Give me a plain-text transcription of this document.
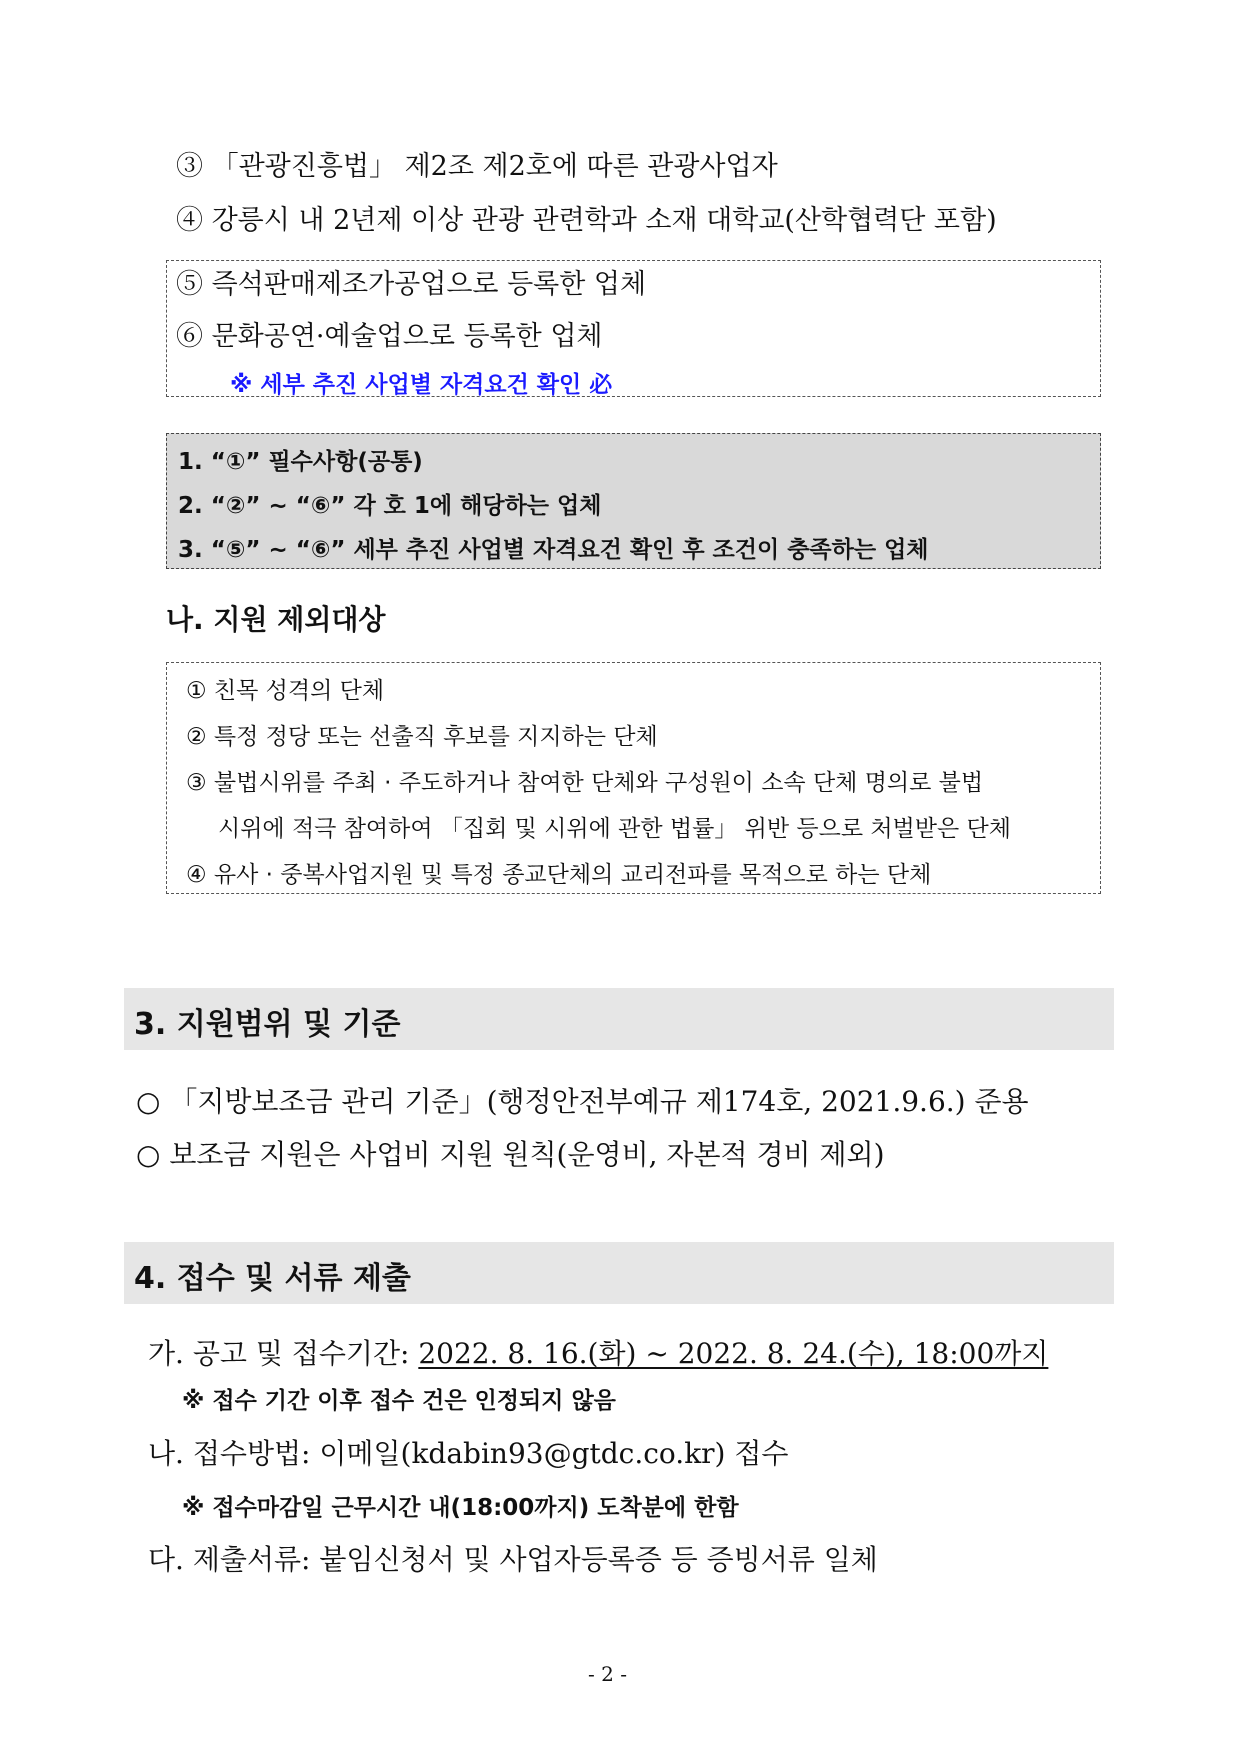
③ 「관광진흥법」 제2조 제2호에 따른 관광사업자
④ 강릉시 내 2년제 이상 관광 관련학과 소재 대학교(산학협력단 포함)
⑤ 즉석판매제조가공업으로 등록한 업체
⑥ 문화공연·예술업으로 등록한 업체
※ 세부 추진 사업별 자격요건 확인 必
1. “①” 필수사항(공통)
2. “②” ~ “⑥” 각 호 1에 해당하는 업체
3. “⑤” ~ “⑥” 세부 추진 사업별 자격요건 확인 후 조건이 충족하는 업체
나. 지원 제외대상
① 친목 성격의 단체
② 특정 정당 또는 선출직 후보를 지지하는 단체
③ 불법시위를 주최 · 주도하거나 참여한 단체와 구성원이 소속 단체 명의로 불법
시위에 적극 참여하여 「집회 및 시위에 관한 법률」 위반 등으로 처벌받은 단체
④ 유사 · 중복사업지원 및 특정 종교단체의 교리전파를 목적으로 하는 단체
3. 지원범위 및 기준
○ 「지방보조금 관리 기준」(행정안전부예규 제174호, 2021.9.6.) 준용
○ 보조금 지원은 사업비 지원 원칙(운영비, 자본적 경비 제외)
4. 접수 및 서류 제출
가. 공고 및 접수기간: 2022. 8. 16.(화) ~ 2022. 8. 24.(수), 18:00까지
※ 접수 기간 이후 접수 건은 인정되지 않음
나. 접수방법: 이메일(kdabin93@gtdc.co.kr) 접수
※ 접수마감일 근무시간 내(18:00까지) 도착분에 한함
다. 제출서류: 붙임신청서 및 사업자등록증 등 증빙서류 일체
- 2 -
